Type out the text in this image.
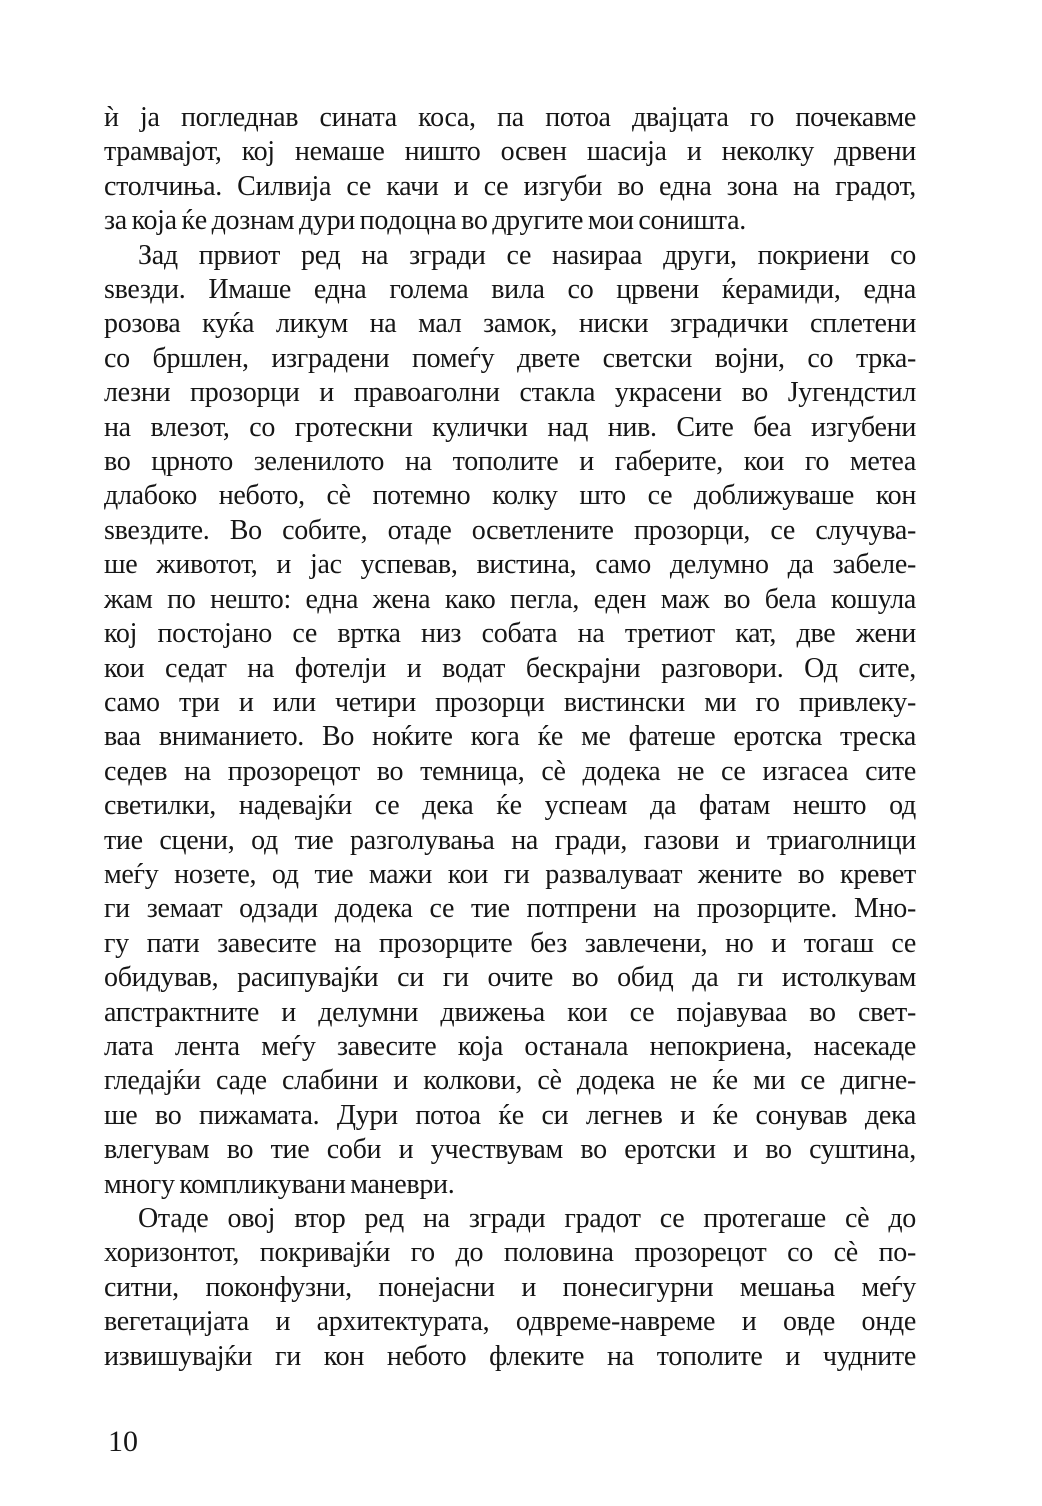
ѝ ја погледнав сината коса, па потоа двајцата го почекавме
трамвајот, кој немаше ништо освен шасија и неколку дрвени
столчиња. Силвија се качи и се изгуби во една зона на градот,
за која ќе дознам дури подоцна во другите мои соништа.
Зад првиот ред на згради се наѕираа други, покриени со
ѕвезди. Имаше една голема вила со црвени ќерамиди, една
розова куќа ликум на мал замок, ниски зградички сплетени
со бршлен, изградени помеѓу двете светски војни, со трка-
лезни прозорци и правоаголни стакла украсени во Југендстил
на влезот, со гротескни кулички над нив. Сите беа изгубени
во црното зеленилото на тополите и габерите, кои го метеа
длабоко небото, сѐ потемно колку што се доближуваше кон
ѕвездите. Во собите, отаде осветлените прозорци, се случува-
ше животот, и јас успевав, вистина, само делумно да забеле-
жам по нешто: една жена како пегла, еден маж во бела кошула
кој постојано се вртка низ собата на третиот кат, две жени
кои седат на фотелји и водат бескрајни разговори. Од сите,
само три и или четири прозорци вистински ми го привлеку-
ваа вниманието. Во ноќите кога ќе ме фатеше еротска треска
седев на прозорецот во темница, сѐ додека не се изгасеа сите
светилки, надевајќи се дека ќе успеам да фатам нешто од
тие сцени, од тие разголувања на гради, газови и триаголници
меѓу нозете, од тие мажи кои ги развалуваат жените во кревет
ги земаат одзади додека се тие потпрени на прозорците. Мно-
гу пати завесите на прозорците без завлечени, но и тогаш се
обидував, расипувајќи си ги очите во обид да ги истолкувам
апстрактните и делумни движења кои се појавуваа во свет-
лата лента меѓу завесите која останала непокриена, насекаде
гледајќи саде слабини и колкови, сѐ додека не ќе ми се дигне-
ше во пижамата. Дури потоа ќе си легнев и ќе сонував дека
влегувам во тие соби и учествувам во еротски и во суштина,
многу компликувани маневри.
Отаде овој втор ред на згради градот се протегаше сѐ до
хоризонтот, покривајќи го до половина прозорецот со сѐ по-
ситни, поконфузни, понејасни и понесигурни мешања меѓу
вегетацијата и архитектурата, одвреме-навреме и овде онде
извишувајќи ги кон небото флеките на тополите и чудните
10
